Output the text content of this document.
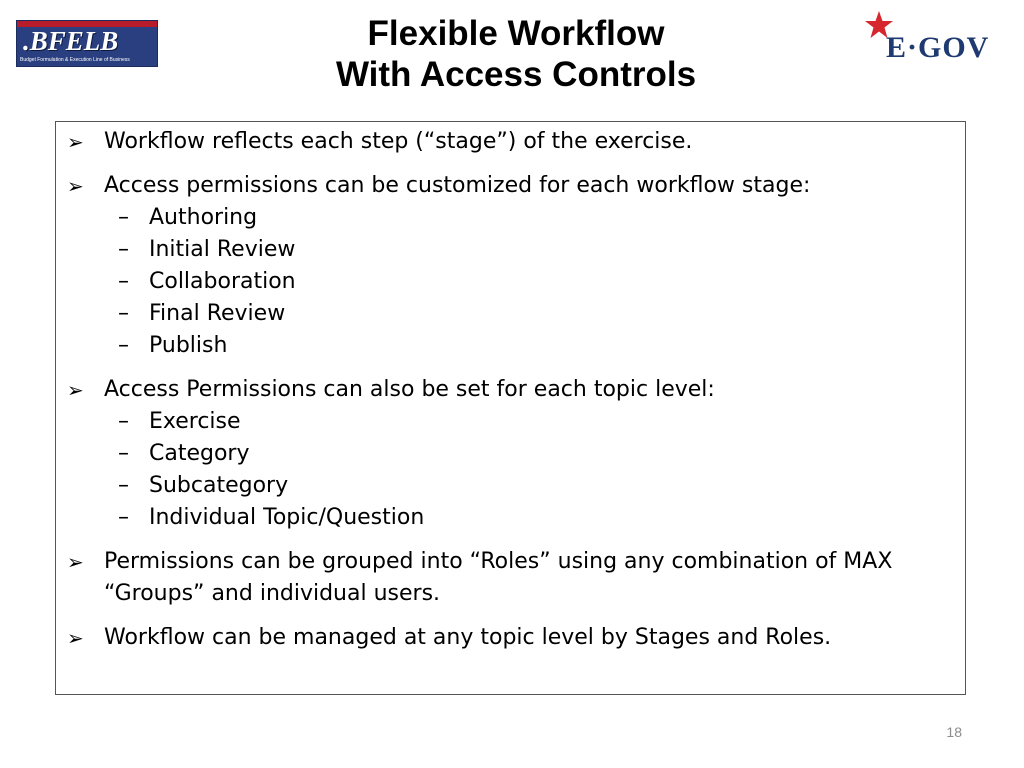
.BFELB
Budget Formulation & Execution Line of Business
Flexible Workflow
With Access Controls
E·GOV
➢ Workflow reflects each step (“stage”) of the exercise.
➢ Access permissions can be customized for each workflow stage:
– Authoring
– Initial Review
– Collaboration
– Final Review
– Publish
➢ Access Permissions can also be set for each topic level:
– Exercise
– Category
– Subcategory
– Individual Topic/Question
➢ Permissions can be grouped into “Roles” using any combination of MAX “Groups” and individual users.
➢ Workflow can be managed at any topic level by Stages and Roles.
18
